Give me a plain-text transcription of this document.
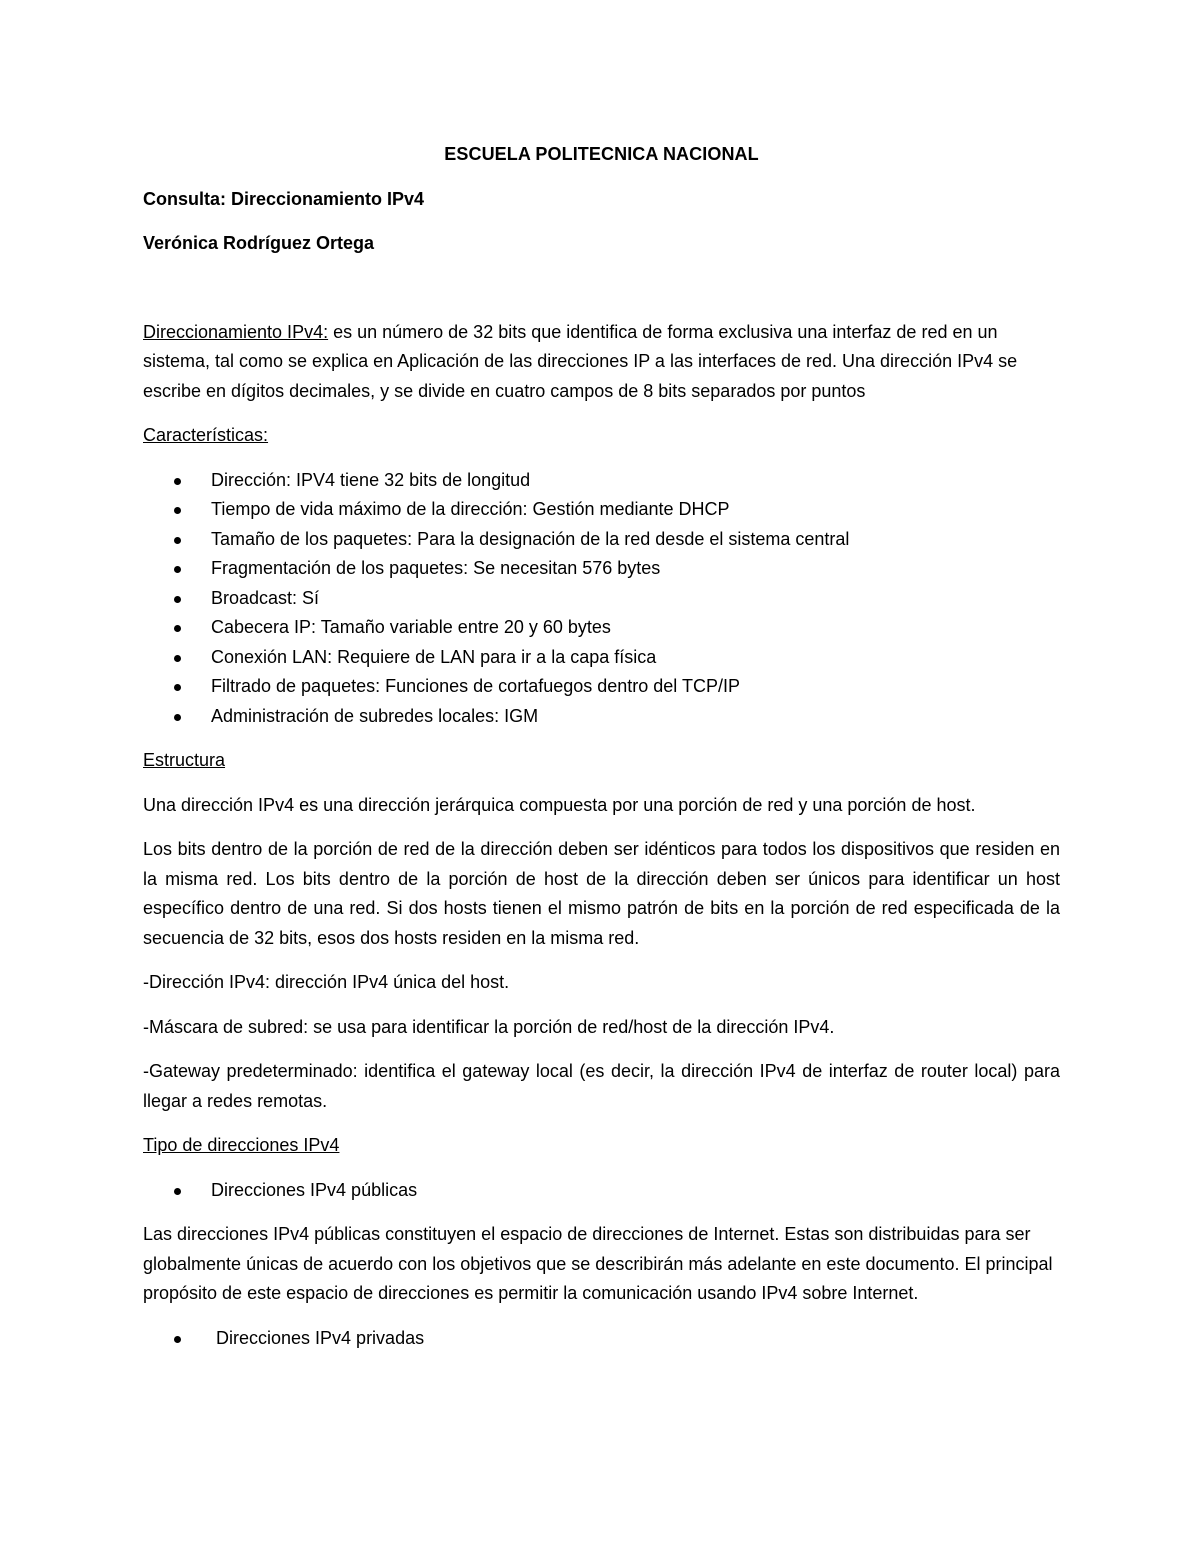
ESCUELA POLITECNICA NACIONAL
Consulta: Direccionamiento IPv4
Verónica Rodríguez Ortega

Direccionamiento IPv4: es un número de 32 bits que identifica de forma exclusiva una interfaz de red en un sistema, tal como se explica en Aplicación de las direcciones IP a las interfaces de red. Una dirección IPv4 se escribe en dígitos decimales, y se divide en cuatro campos de 8 bits separados por puntos

Características:

Dirección: IPV4 tiene 32 bits de longitud
Tiempo de vida máximo de la dirección: Gestión mediante DHCP
Tamaño de los paquetes: Para la designación de la red desde el sistema central
Fragmentación de los paquetes: Se necesitan 576 bytes
Broadcast: Sí
Cabecera IP: Tamaño variable entre 20 y 60 bytes
Conexión LAN: Requiere de LAN para ir a la capa física
Filtrado de paquetes: Funciones de cortafuegos dentro del TCP/IP
Administración de subredes locales: IGM

Estructura

Una dirección IPv4 es una dirección jerárquica compuesta por una porción de red y una porción de host.

Los bits dentro de la porción de red de la dirección deben ser idénticos para todos los dispositivos que residen en la misma red. Los bits dentro de la porción de host de la dirección deben ser únicos para identificar un host específico dentro de una red. Si dos hosts tienen el mismo patrón de bits en la porción de red especificada de la secuencia de 32 bits, esos dos hosts residen en la misma red.

-Dirección IPv4: dirección IPv4 única del host.

-Máscara de subred: se usa para identificar la porción de red/host de la dirección IPv4.

-Gateway predeterminado: identifica el gateway local (es decir, la dirección IPv4 de interfaz de router local) para llegar a redes remotas.

Tipo de direcciones IPv4

Direcciones IPv4 públicas

Las direcciones IPv4 públicas constituyen el espacio de direcciones de Internet. Estas son distribuidas para ser globalmente únicas de acuerdo con los objetivos que se describirán más adelante en este documento. El principal propósito de este espacio de direcciones es permitir la comunicación usando IPv4 sobre Internet.

Direcciones IPv4 privadas
